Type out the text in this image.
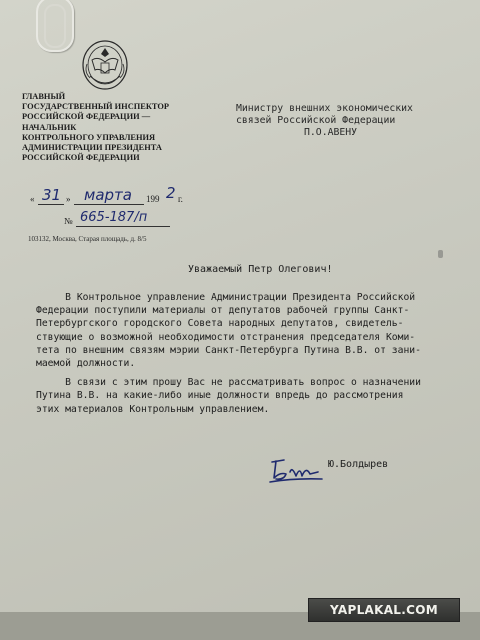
ГЛАВНЫЙ
ГОСУДАРСТВЕННЫЙ ИНСПЕКТОР
РОССИЙСКОЙ ФЕДЕРАЦИИ —
НАЧАЛЬНИК
КОНТРОЛЬНОГО УПРАВЛЕНИЯ
АДМИНИСТРАЦИИ ПРЕЗИДЕНТА
РОССИЙСКОЙ ФЕДЕРАЦИИ
« 31 » марта 199 2 г.
№ 665-187/п
103132, Москва, Старая площадь, д. 8/5
Министру внешних экономических
связей Российской Федерации
П.О.АВЕНУ
Уважаемый Петр Олегович!
В Контрольное управление Администрации Президента Российской
Федерации поступили материалы от депутатов рабочей группы Санкт-
Петербургского городского Совета народных депутатов, свидетель-
ствующие о возможной необходимости отстранения председателя Коми-
тета по внешним связям мэрии Санкт-Петербурга Путина В.В. от зани-
маемой должности.
В связи с этим прошу Вас не рассматривать вопрос о назначении
Путина В.В. на какие-либо иные должности впредь до рассмотрения
этих материалов Контрольным управлением.
Ю.Болдырев
YAPLAKAL.COM
